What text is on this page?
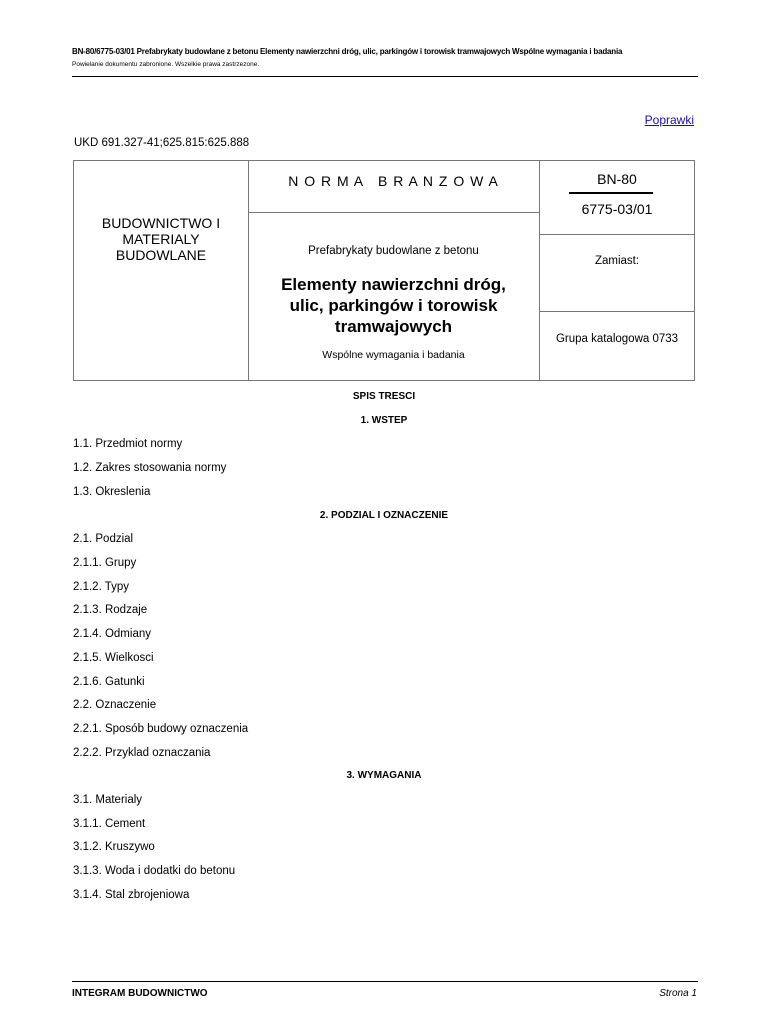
BN-80/6775-03/01 Prefabrykaty budowlane z betonu Elementy nawierzchni dróg, ulic, parkingów i torowisk tramwajowych Wspólne wymagania i badania
Powielanie dokumentu zabronione. Wszelkie prawa zastrzezone.
Poprawki
UKD 691.327-41;625.815:625.888
BUDOWNICTWO I
MATERIALY
BUDOWLANE
N O R M A   B R A N Z O W A
Prefabrykaty budowlane z betonu
Elementy nawierzchni dróg,
ulic, parkingów i torowisk
tramwajowych
Wspólne wymagania i badania
BN-80
6775-03/01
Zamiast:
Grupa katalogowa 0733
SPIS TRESCI
1. WSTEP
1.1. Przedmiot normy
1.2. Zakres stosowania normy
1.3. Okreslenia
2. PODZIAL I OZNACZENIE
2.1. Podzial
2.1.1. Grupy
2.1.2. Typy
2.1.3. Rodzaje
2.1.4. Odmiany
2.1.5. Wielkosci
2.1.6. Gatunki
2.2. Oznaczenie
2.2.1. Sposób budowy oznaczenia
2.2.2. Przyklad oznaczania
3. WYMAGANIA
3.1. Materialy
3.1.1. Cement
3.1.2. Kruszywo
3.1.3. Woda i dodatki do betonu
3.1.4. Stal zbrojeniowa
INTEGRAM BUDOWNICTWO	Strona 1
